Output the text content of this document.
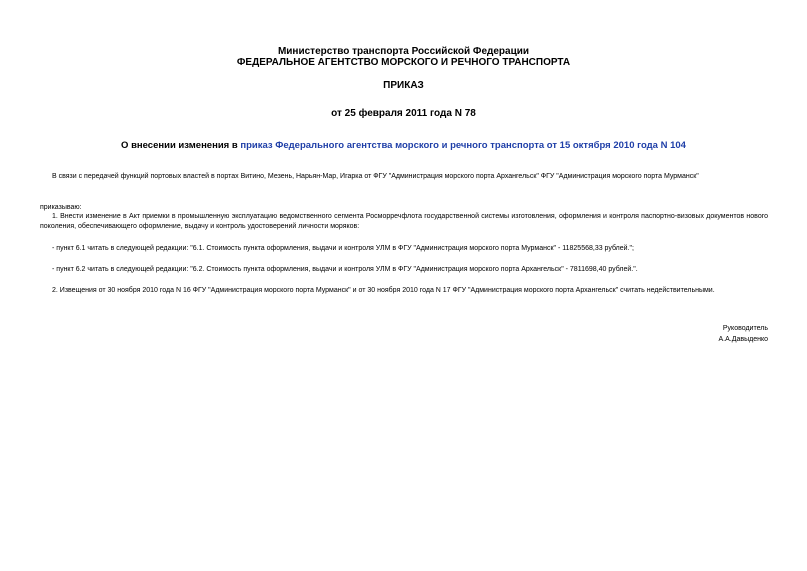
Министерство транспорта Российской Федерации
ФЕДЕРАЛЬНОЕ АГЕНТСТВО МОРСКОГО И РЕЧНОГО ТРАНСПОРТА
ПРИКАЗ
от 25 февраля 2011 года N 78
О внесении изменения в приказ Федерального агентства морского и речного транспорта от 15 октября 2010 года N 104
В связи с передачей функций портовых властей в портах Витино, Мезень, Нарьян-Мар, Игарка от ФГУ "Администрация морского порта Архангельск" ФГУ "Администрация морского порта Мурманск"
приказываю:
1. Внести изменение в Акт приемки в промышленную эксплуатацию ведомственного сегмента Росморречфлота государственной системы изготовления, оформления и контроля паспортно-визовых документов нового поколения, обеспечивающего оформление, выдачу и контроль удостоверений личности моряков:
- пункт 6.1 читать в следующей редакции: "6.1. Стоимость пункта оформления, выдачи и контроля УЛМ в ФГУ "Администрация морского порта Мурманск" - 11825568,33 рублей.";
- пункт 6.2 читать в следующей редакции: "6.2. Стоимость пункта оформления, выдачи и контроля УЛМ в ФГУ "Администрация морского порта Архангельск" - 7811698,40 рублей.".
2. Извещения от 30 ноября 2010 года N 16 ФГУ "Администрация морского порта Мурманск" и от 30 ноября 2010 года N 17 ФГУ "Администрация морского порта Архангельск" считать недействительными.
Руководитель
А.А.Давыденко
